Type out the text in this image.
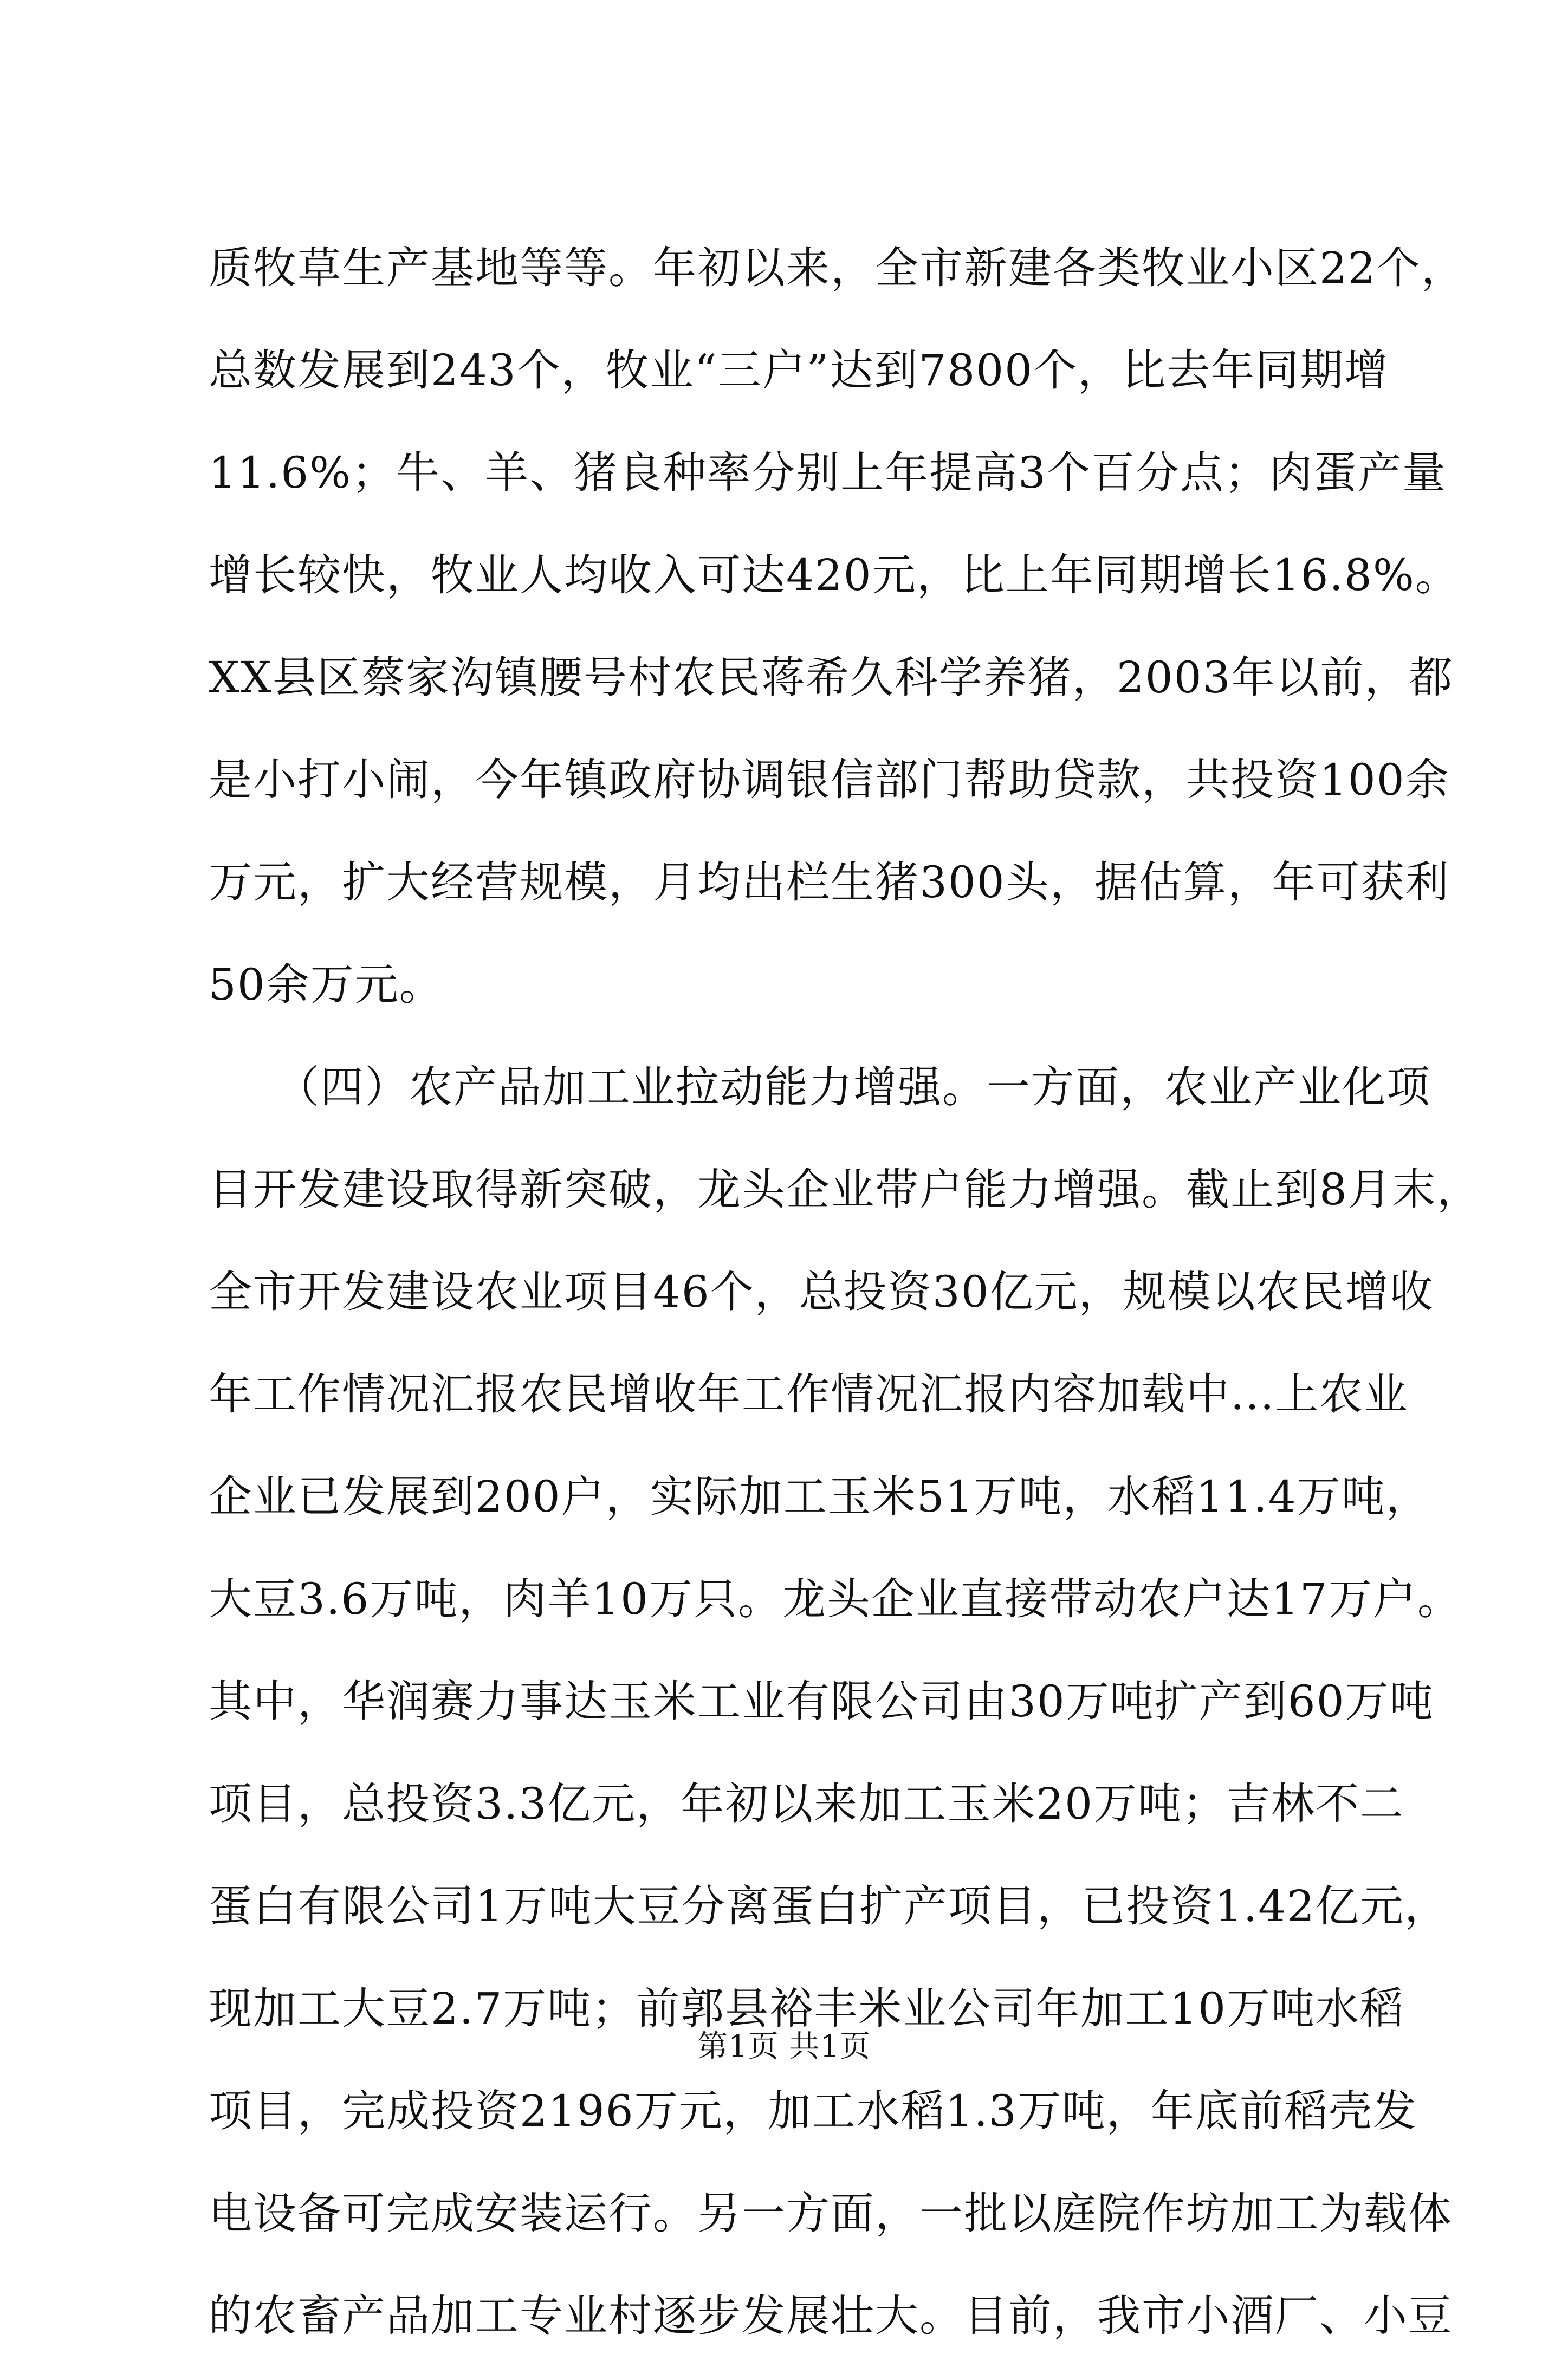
质牧草生产基地等等。年初以来，全市新建各类牧业小区22个，
总数发展到243个，牧业“三户”达到7800个，比去年同期增
11.6%；牛、羊、猪良种率分别上年提高3个百分点；肉蛋产量
增长较快，牧业人均收入可达420元，比上年同期增长16.8%。
XX县区蔡家沟镇腰号村农民蒋希久科学养猪，2003年以前，都
是小打小闹，今年镇政府协调银信部门帮助贷款，共投资100余
万元，扩大经营规模，月均出栏生猪300头，据估算，年可获利
50余万元。
　　（四）农产品加工业拉动能力增强。一方面，农业产业化项
目开发建设取得新突破，龙头企业带户能力增强。截止到8月末，
全市开发建设农业项目46个，总投资30亿元，规模以农民增收
年工作情况汇报农民增收年工作情况汇报内容加载中...上农业
企业已发展到200户，实际加工玉米51万吨，水稻11.4万吨，
大豆3.6万吨，肉羊10万只。龙头企业直接带动农户达17万户。
其中，华润赛力事达玉米工业有限公司由30万吨扩产到60万吨
项目，总投资3.3亿元，年初以来加工玉米20万吨；吉林不二
蛋白有限公司1万吨大豆分离蛋白扩产项目，已投资1.42亿元，
现加工大豆2.7万吨；前郭县裕丰米业公司年加工10万吨水稻
项目，完成投资2196万元，加工水稻1.3万吨，年底前稻壳发
电设备可完成安装运行。另一方面，一批以庭院作坊加工为载体
的农畜产品加工专业村逐步发展壮大。目前，我市小酒厂、小豆
第1页 共1页
